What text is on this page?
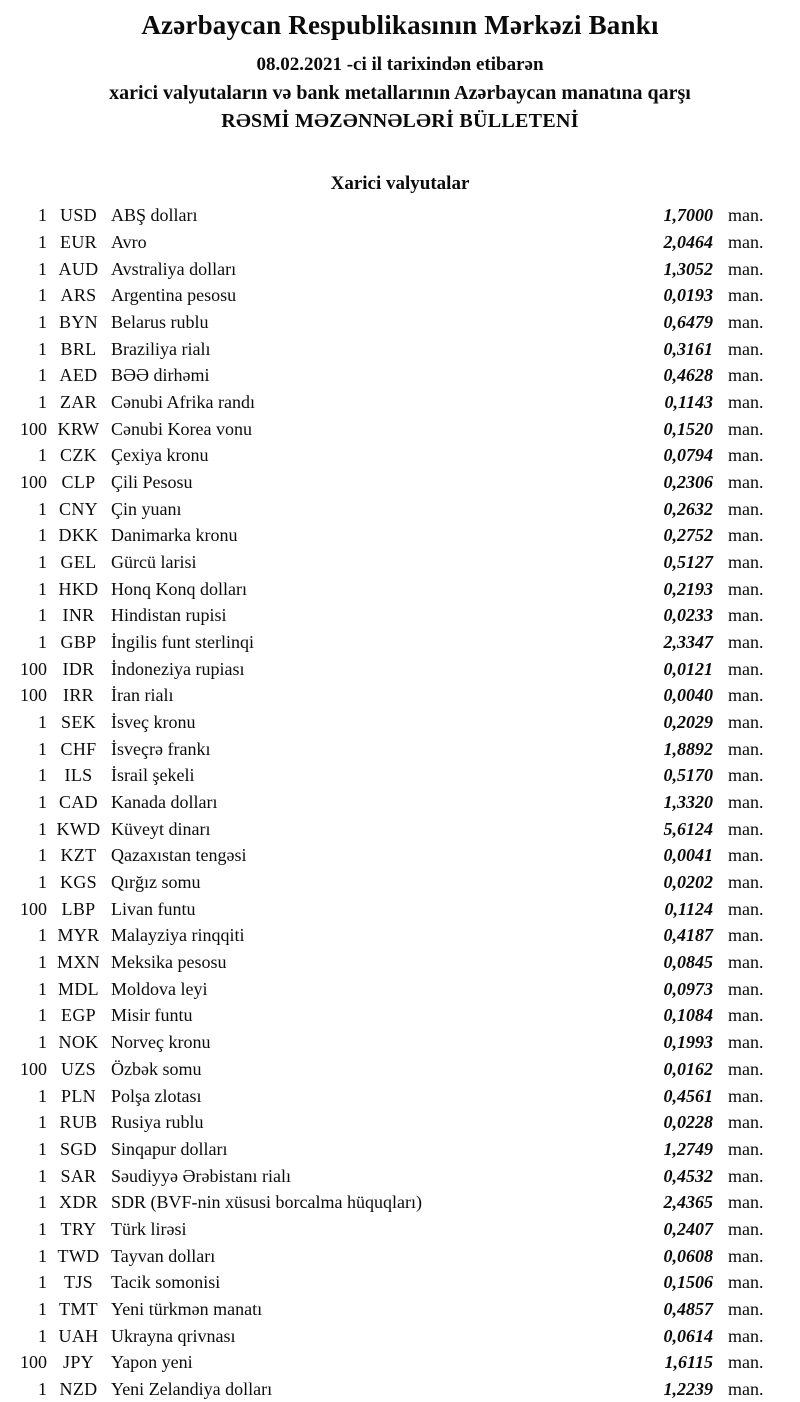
Azərbaycan Respublikasının Mərkəzi Bankı

08.02.2021 -ci il tarixindən etibarən

xarici valyutaların və bank metallarının Azərbaycan manatına qarşı

RƏSMİ MƏZƏNNƏLƏRİ BÜLLETENİ

Xarici valyutalar
1 USD ABŞ dolları	1,7000 man.
1 EUR Avro	2,0464 man.
1 AUD Avstraliya dolları	1,3052 man.
1 ARS Argentina pesosu	0,0193 man.
1 BYN Belarus rublu	0,6479 man.
1 BRL Braziliya rialı	0,3161 man.
1 AED BƏƏ dirhəmi	0,4628 man.
1 ZAR Cənubi Afrika randı	0,1143 man.
100 KRW Cənubi Korea vonu	0,1520 man.
1 CZK Çexiya kronu	0,0794 man.
100 CLP Çili Pesosu	0,2306 man.
1 CNY Çin yuanı	0,2632 man.
1 DKK Danimarka kronu	0,2752 man.
1 GEL Gürcü larisi	0,5127 man.
1 HKD Honq Konq dolları	0,2193 man.
1 INR Hindistan rupisi	0,0233 man.
1 GBP İngilis funt sterlinqi	2,3347 man.
100 IDR İndoneziya rupiası	0,0121 man.
100 IRR İran rialı	0,0040 man.
1 SEK İsveç kronu	0,2029 man.
1 CHF İsveçrə frankı	1,8892 man.
1 ILS	İsrail şekeli	0,5170 man.
1 CAD Kanada dolları	1,3320 man.
1 KWD Küveyt dinarı	5,6124 man.
1 KZT Qazaxıstan tengəsi	0,0041 man.
1 KGS Qırğız somu	0,0202 man.
100 LBP Livan funtu	0,1124 man.
1 MYR Malayziya rinqqiti	0,4187 man.
1 MXN Meksika pesosu	0,0845 man.
1 MDL Moldova leyi	0,0973 man.
1 EGP Misir funtu	0,1084 man.
1 NOK Norveç kronu	0,1993 man.
100 UZS Özbək somu	0,0162 man.
1 PLN Polşa zlotası	0,4561 man.
1 RUB Rusiya rublu	0,0228 man.
1 SGD Sinqapur dolları	1,2749 man.
1 SAR Səudiyyə Ərəbistanı rialı	0,4532 man.
1 XDR SDR (BVF-nin xüsusi borcalma hüquqları)	2,4365 man.
1 TRY Türk lirəsi	0,2407 man.
1 TWD Tayvan dolları	0,0608 man.
1 TJS	Tacik somonisi	0,1506 man.
1 TMT Yeni türkmən manatı	0,4857 man.
1 UAH Ukrayna qrivnası	0,0614 man.
100 JPY Yapon yeni	1,6115 man.
1 NZD Yeni Zelandiya dolları	1,2239 man.
